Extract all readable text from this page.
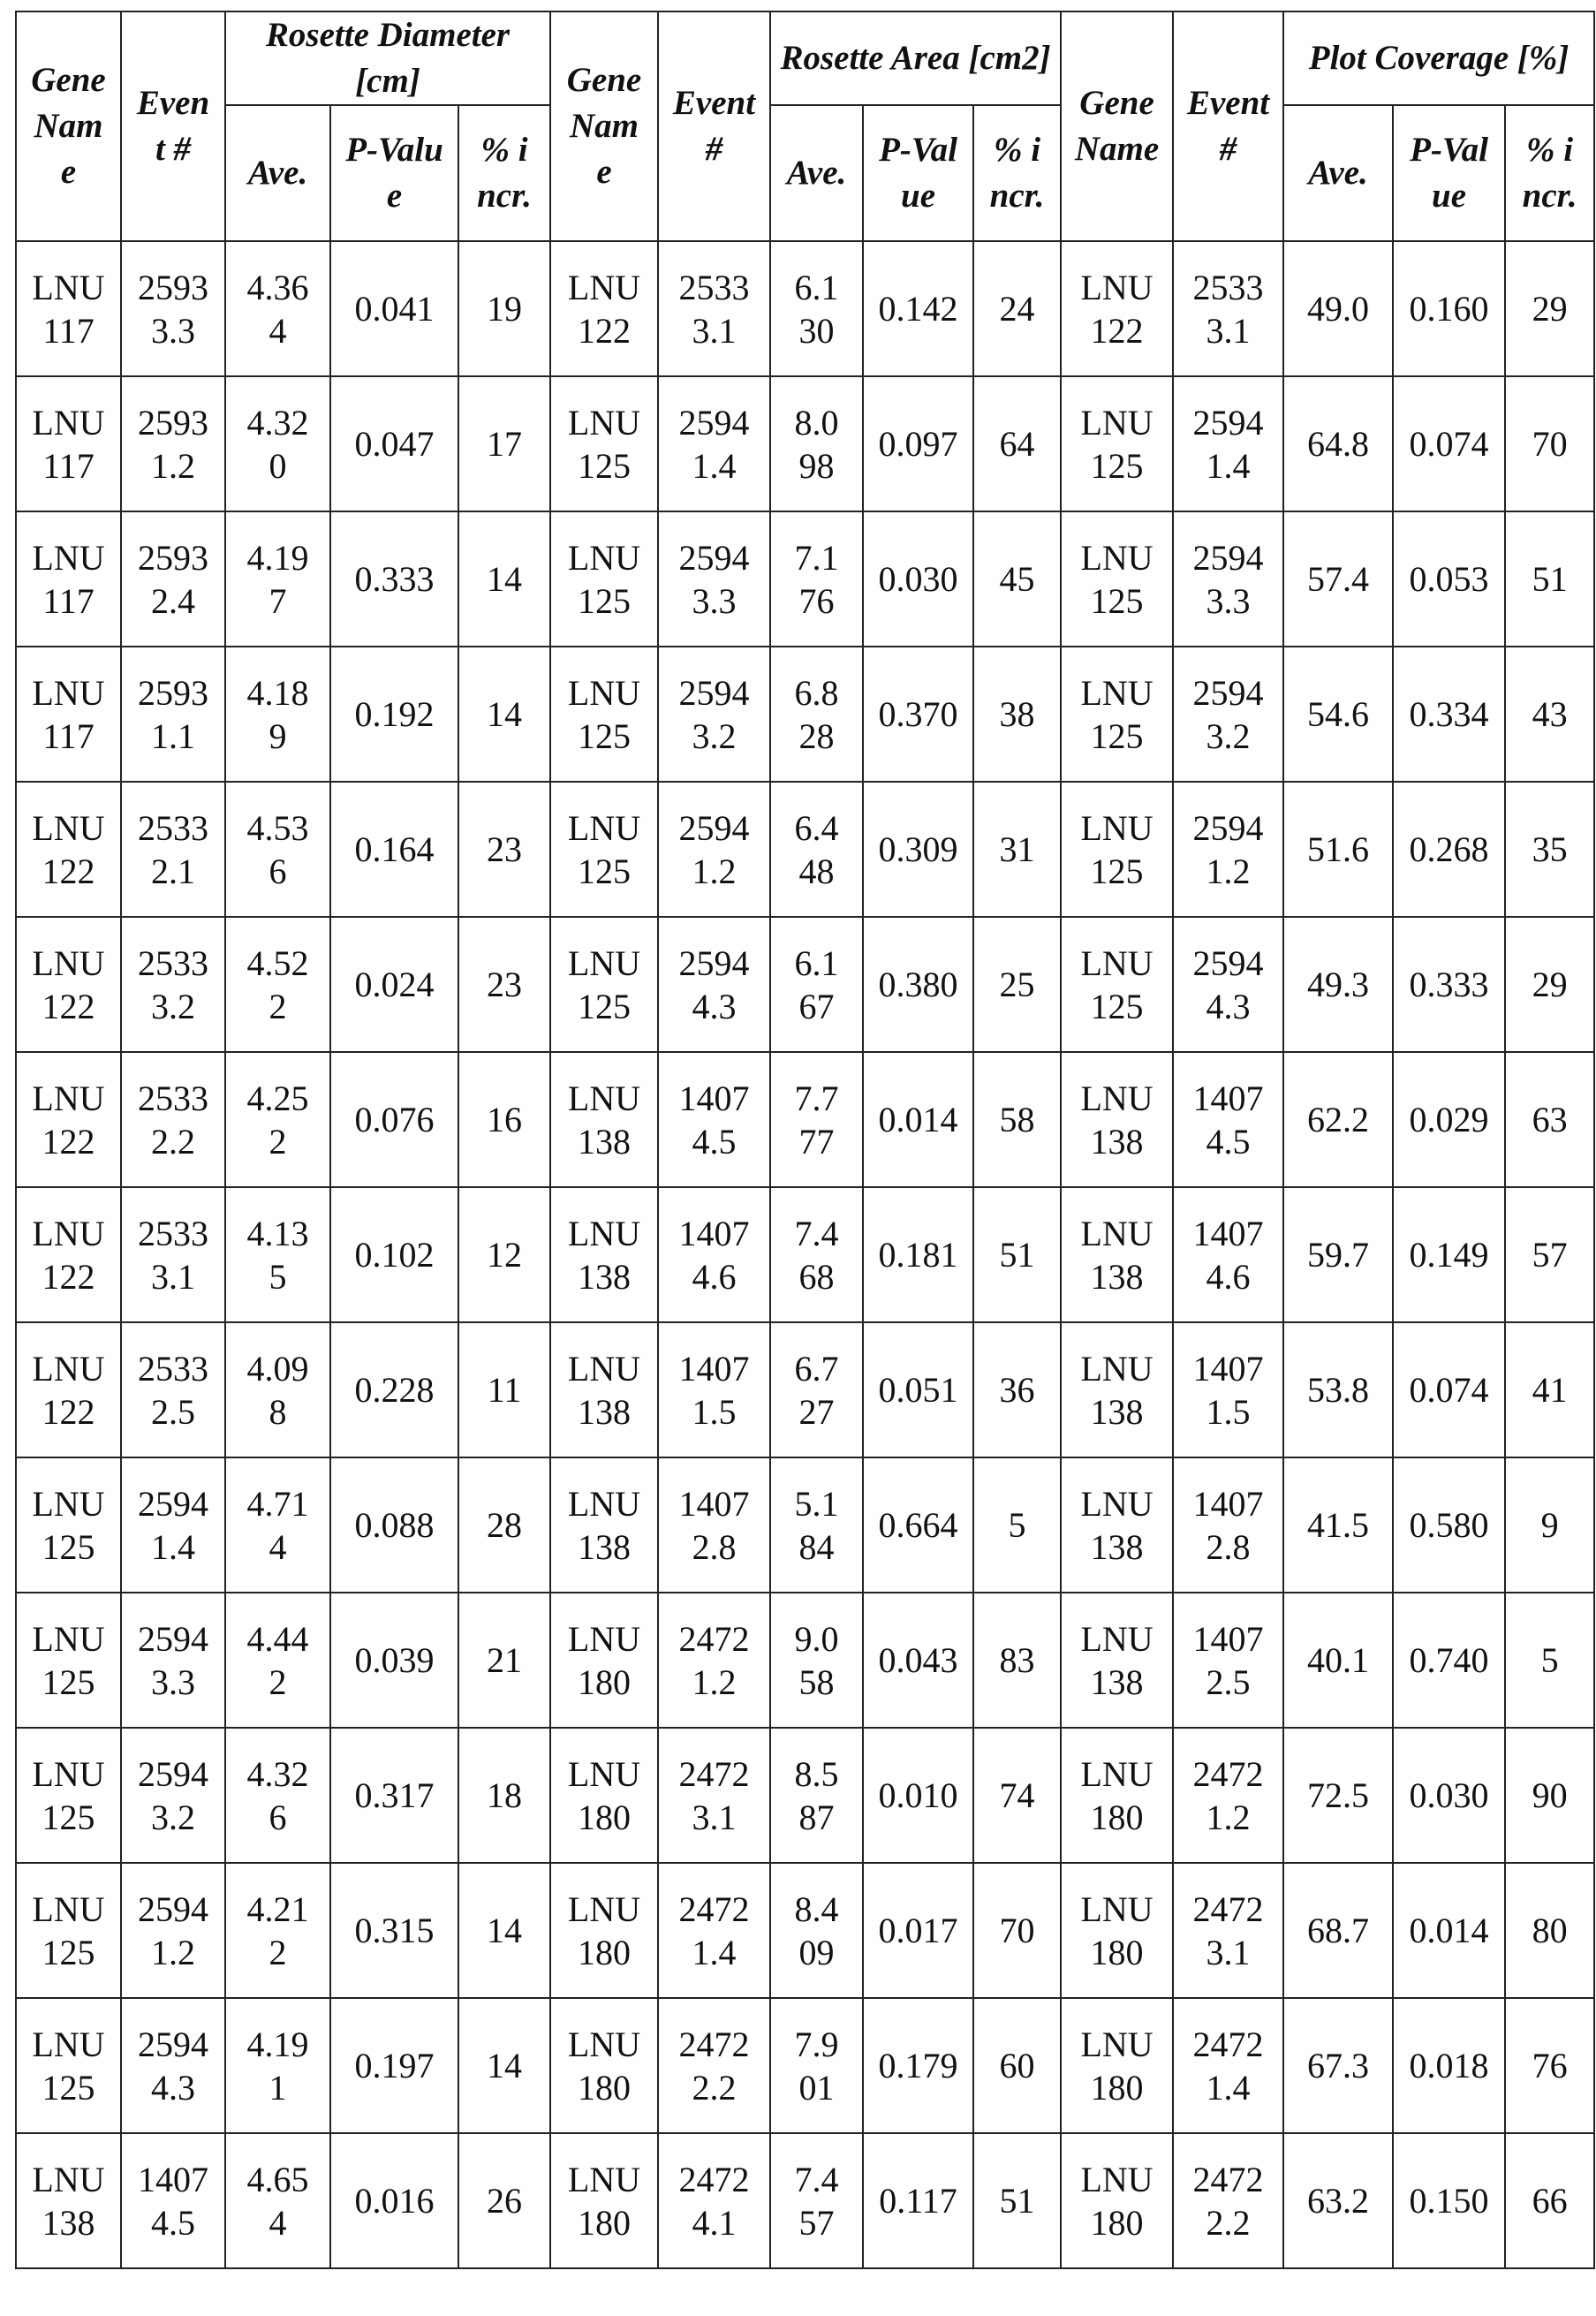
Gene Name	Event #	Rosette Diameter [cm]	Gene Name	Event #	Rosette Area [cm2]	Gene Name	Event #	Plot Coverage [%]
Ave.	P-Value	% incr.	Ave.	P-Value	% incr.	Ave.	P-Value	% incr.
LNU117	25933.3	4.364	0.041	19	LNU122	25333.1	6.130	0.142	24	LNU122	25333.1	49.0	0.160	29
LNU117	25931.2	4.320	0.047	17	LNU125	25941.4	8.098	0.097	64	LNU125	25941.4	64.8	0.074	70
LNU117	25932.4	4.197	0.333	14	LNU125	25943.3	7.176	0.030	45	LNU125	25943.3	57.4	0.053	51
LNU117	25931.1	4.189	0.192	14	LNU125	25943.2	6.828	0.370	38	LNU125	25943.2	54.6	0.334	43
LNU122	25332.1	4.536	0.164	23	LNU125	25941.2	6.448	0.309	31	LNU125	25941.2	51.6	0.268	35
LNU122	25333.2	4.522	0.024	23	LNU125	25944.3	6.167	0.380	25	LNU125	25944.3	49.3	0.333	29
LNU122	25332.2	4.252	0.076	16	LNU138	14074.5	7.777	0.014	58	LNU138	14074.5	62.2	0.029	63
LNU122	25333.1	4.135	0.102	12	LNU138	14074.6	7.468	0.181	51	LNU138	14074.6	59.7	0.149	57
LNU122	25332.5	4.098	0.228	11	LNU138	14071.5	6.727	0.051	36	LNU138	14071.5	53.8	0.074	41
LNU125	25941.4	4.714	0.088	28	LNU138	14072.8	5.184	0.664	5	LNU138	14072.8	41.5	0.580	9
LNU125	25943.3	4.442	0.039	21	LNU180	24721.2	9.058	0.043	83	LNU138	14072.5	40.1	0.740	5
LNU125	25943.2	4.326	0.317	18	LNU180	24723.1	8.587	0.010	74	LNU180	24721.2	72.5	0.030	90
LNU125	25941.2	4.212	0.315	14	LNU180	24721.4	8.409	0.017	70	LNU180	24723.1	68.7	0.014	80
LNU125	25944.3	4.191	0.197	14	LNU180	24722.2	7.901	0.179	60	LNU180	24721.4	67.3	0.018	76
LNU138	14074.5	4.654	0.016	26	LNU180	24724.1	7.457	0.117	51	LNU180	24722.2	63.2	0.150	66
